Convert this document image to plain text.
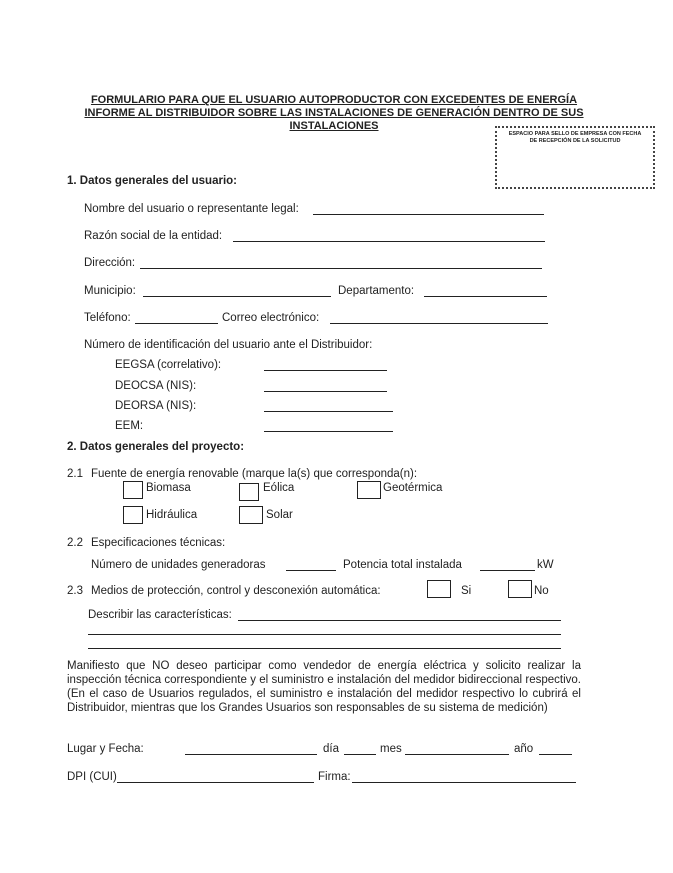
FORMULARIO PARA QUE EL USUARIO AUTOPRODUCTOR CON EXCEDENTES DE ENERGÍA
INFORME AL DISTRIBUIDOR SOBRE LAS INSTALACIONES DE GENERACIÓN DENTRO DE SUS
INSTALACIONES
ESPACIO PARA SELLO DE EMPRESA CON FECHA
DE RECEPCIÓN DE LA SOLICITUD
1. Datos generales del usuario:
Nombre del usuario o representante legal:
Razón social de la entidad:
Dirección:
Municipio:	Departamento:
Teléfono:	Correo electrónico:
Número de identificación del usuario ante el Distribuidor:
EEGSA (correlativo):
DEOCSA (NIS):
DEORSA (NIS):
EEM:
2. Datos generales del proyecto:
2.1 Fuente de energía renovable (marque la(s) que corresponda(n):
Biomasa	Eólica	Geotérmica
Hidráulica	Solar
2.2 Especificaciones técnicas:
Número de unidades generadoras	Potencia total instalada	kW
2.3 Medios de protección, control y desconexión automática:	Si	No
Describir las características:
Manifiesto que NO deseo participar como vendedor de energía eléctrica y solicito realizar la inspección técnica correspondiente y el suministro e instalación del medidor bidireccional respectivo. (En el caso de Usuarios regulados, el suministro e instalación del medidor respectivo lo cubrirá el Distribuidor, mientras que los Grandes Usuarios son responsables de su sistema de medición)
Lugar y Fecha:	día	mes	año
DPI (CUI)	Firma:
